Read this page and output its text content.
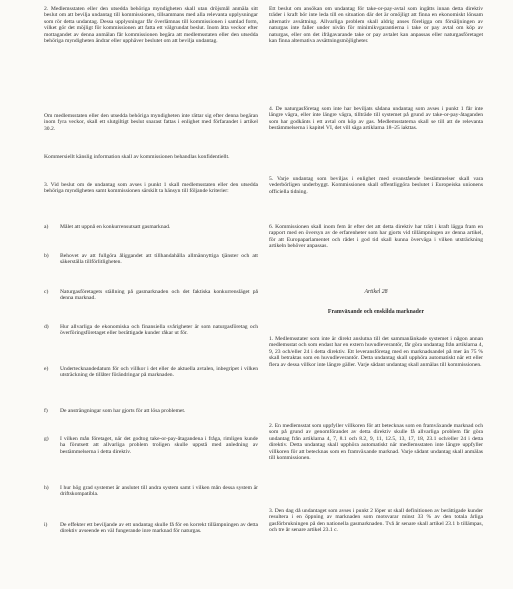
2. Medlemsstaten eller den utsedda behöriga myndigheten skall utan dröjsmål anmäla sitt beslut om att bevilja undantag till kommissionen, tillsammans med alla relevanta upplysningar som rör detta undantag. Dessa upplysningar får överlämnas till kommissionen i samlad form, vilket gör det möjligt för kommissionen att fatta ett välgrundat beslut. Inom åtta veckor efter mottagandet av denna anmälan får kommissionen begära att medlemsstaten eller den utsedda behöriga myndigheten ändrar eller upphäver beslutet om att bevilja undantag.

Om medlemsstaten eller den utsedda behöriga myndigheten inte rättar sig efter denna begäran inom fyra veckor, skall ett slutgiltigt beslut snarast fattas i enlighet med förfarandet i artikel 30.2.

Kommersiellt känslig information skall av kommissionen behandlas konfidentiellt.

3. Vid beslut om de undantag som avses i punkt 1 skall medlemsstaten eller den utsedda behöriga myndigheten samt kommissionen särskilt ta hänsyn till följande kriterier:

a)	Målet att uppnå en konkurrensutsatt gasmarknad.
b)	Behovet av att fullgöra åliggandet att tillhandahålla allmännyttiga tjänster och att säkerställa tillförlitligheten.
c)	Naturgasföretagets ställning på gasmarknaden och det faktiska konkurrensläget på denna marknad.
d)	Hur allvarliga de ekonomiska och finansiella svårigheter är som naturgasföretag och överföringsföretaget eller berättigade kunder råkar ut för.
e)	Undertecknandedatum för och villkor i det eller de aktuella avtalen, inbegripet i vilken utsträckning de tillåter förändringar på marknaden.
f)	De ansträngningar som har gjorts för att lösa problemet.
g)	I vilken mån företaget, när det godtog take-or-pay-åtagandena i fråga, rimligen kunde ha förutsett att allvarliga problem troligen skulle uppstå med anledning av bestämmelserna i detta direktiv.
h)	I hur hög grad systemet är anslutet till andra system samt i vilken mån dessa system är driftskompatibla.
i)	De effekter ett beviljande av ett undantag skulle få för en korrekt tillämpningen av detta direktiv avseende en väl fungerande inre marknad för naturgas.

Ett beslut om ansökan om undantag för take-or-pay-avtal som ingåtts innan detta direktiv träder i kraft bör inte leda till en situation där det är omöjligt att finna en ekonomiskt lönsam alternativ avsättning. Allvarliga problem skall aldrig anses föreligga om försäljningen av naturgas inte faller under nivån för minimikvgarantierna i take or pay avtal om köp av naturgas, eller om det ifrågavarande take or pay avtalet kan anpassas eller naturgasföretaget kan finna alternativa avsättningsmöjligheter.

4. De naturgasföretag som inte har beviljats sådana undantag som avses i punkt 1 får inte längre vägra, eller inte längre vägra, tillträde till systemet på grund av take-or-pay-åtaganden som har godkänts i ett avtal om köp av gas. Medlemsstaterna skall se till att de relevanta bestämmelserna i kapitel VI, det vill säga artiklarna 18–25 iakttas.

5. Varje undantag som beviljas i enlighet med ovanstående bestämmelser skall vara vederbörligen underbyggt. Kommissionen skall offentliggöra beslutet i Europeiska unionens officiella tidning.

6. Kommissionen skall inom fem år efter det att detta direktiv har trätt i kraft lägga fram en rapport med en översyn av de erfarenheter som har gjorts vid tillämpningen av denna artikel, för att Europaparlamentet och rådet i god tid skall kunna överväga i vilken utsträckning artikeln behöver anpassas.

Artikel 28
Framväxande och enskilda marknader

1. Medlemsstater som inte är direkt anslutna till det sammanlänkade systemet i någon annan medlemsstat och som endast har en extern huvudleverantör, får göra undantag från artiklarna 4, 9, 23 och/eller 24 i detta direktiv. Ett leveransföretag med en marknadsandel på mer än 75 % skall betraktas som en huvudleverantör. Detta undantag skall upphöra automatiskt när ett eller flera av dessa villkor inte längre gäller. Varje sådant undantag skall anmälas till kommissionen.

2. En medlemsstat som uppfyller villkoren för att betecknas som en framväxande marknad och som på grund av genomförandet av detta direktiv skulle få allvarliga problem får göra undantag från artiklarna 4, 7, 8.1 och 8.2, 9, 11, 12.5, 13, 17, 18, 23.1 och/eller 24 i detta direktiv. Detta undantag skall upphöra automatiskt när medlemsstaten inte längre uppfyller villkoren för att betecknas som en framväxande marknad. Varje sådant undantag skall anmälas till kommissionen.

3. Den dag då undantaget som avses i punkt 2 löper ut skall definitionen av berättigade kunder resultera i en öppning av marknaden som motsvarar minst 33 % av den totala årliga gasförbrukningen på den nationella gasmarknaden. Två år senare skall artikel 23.1 b tillämpas, och tre år senare artikel 23.1 c.
